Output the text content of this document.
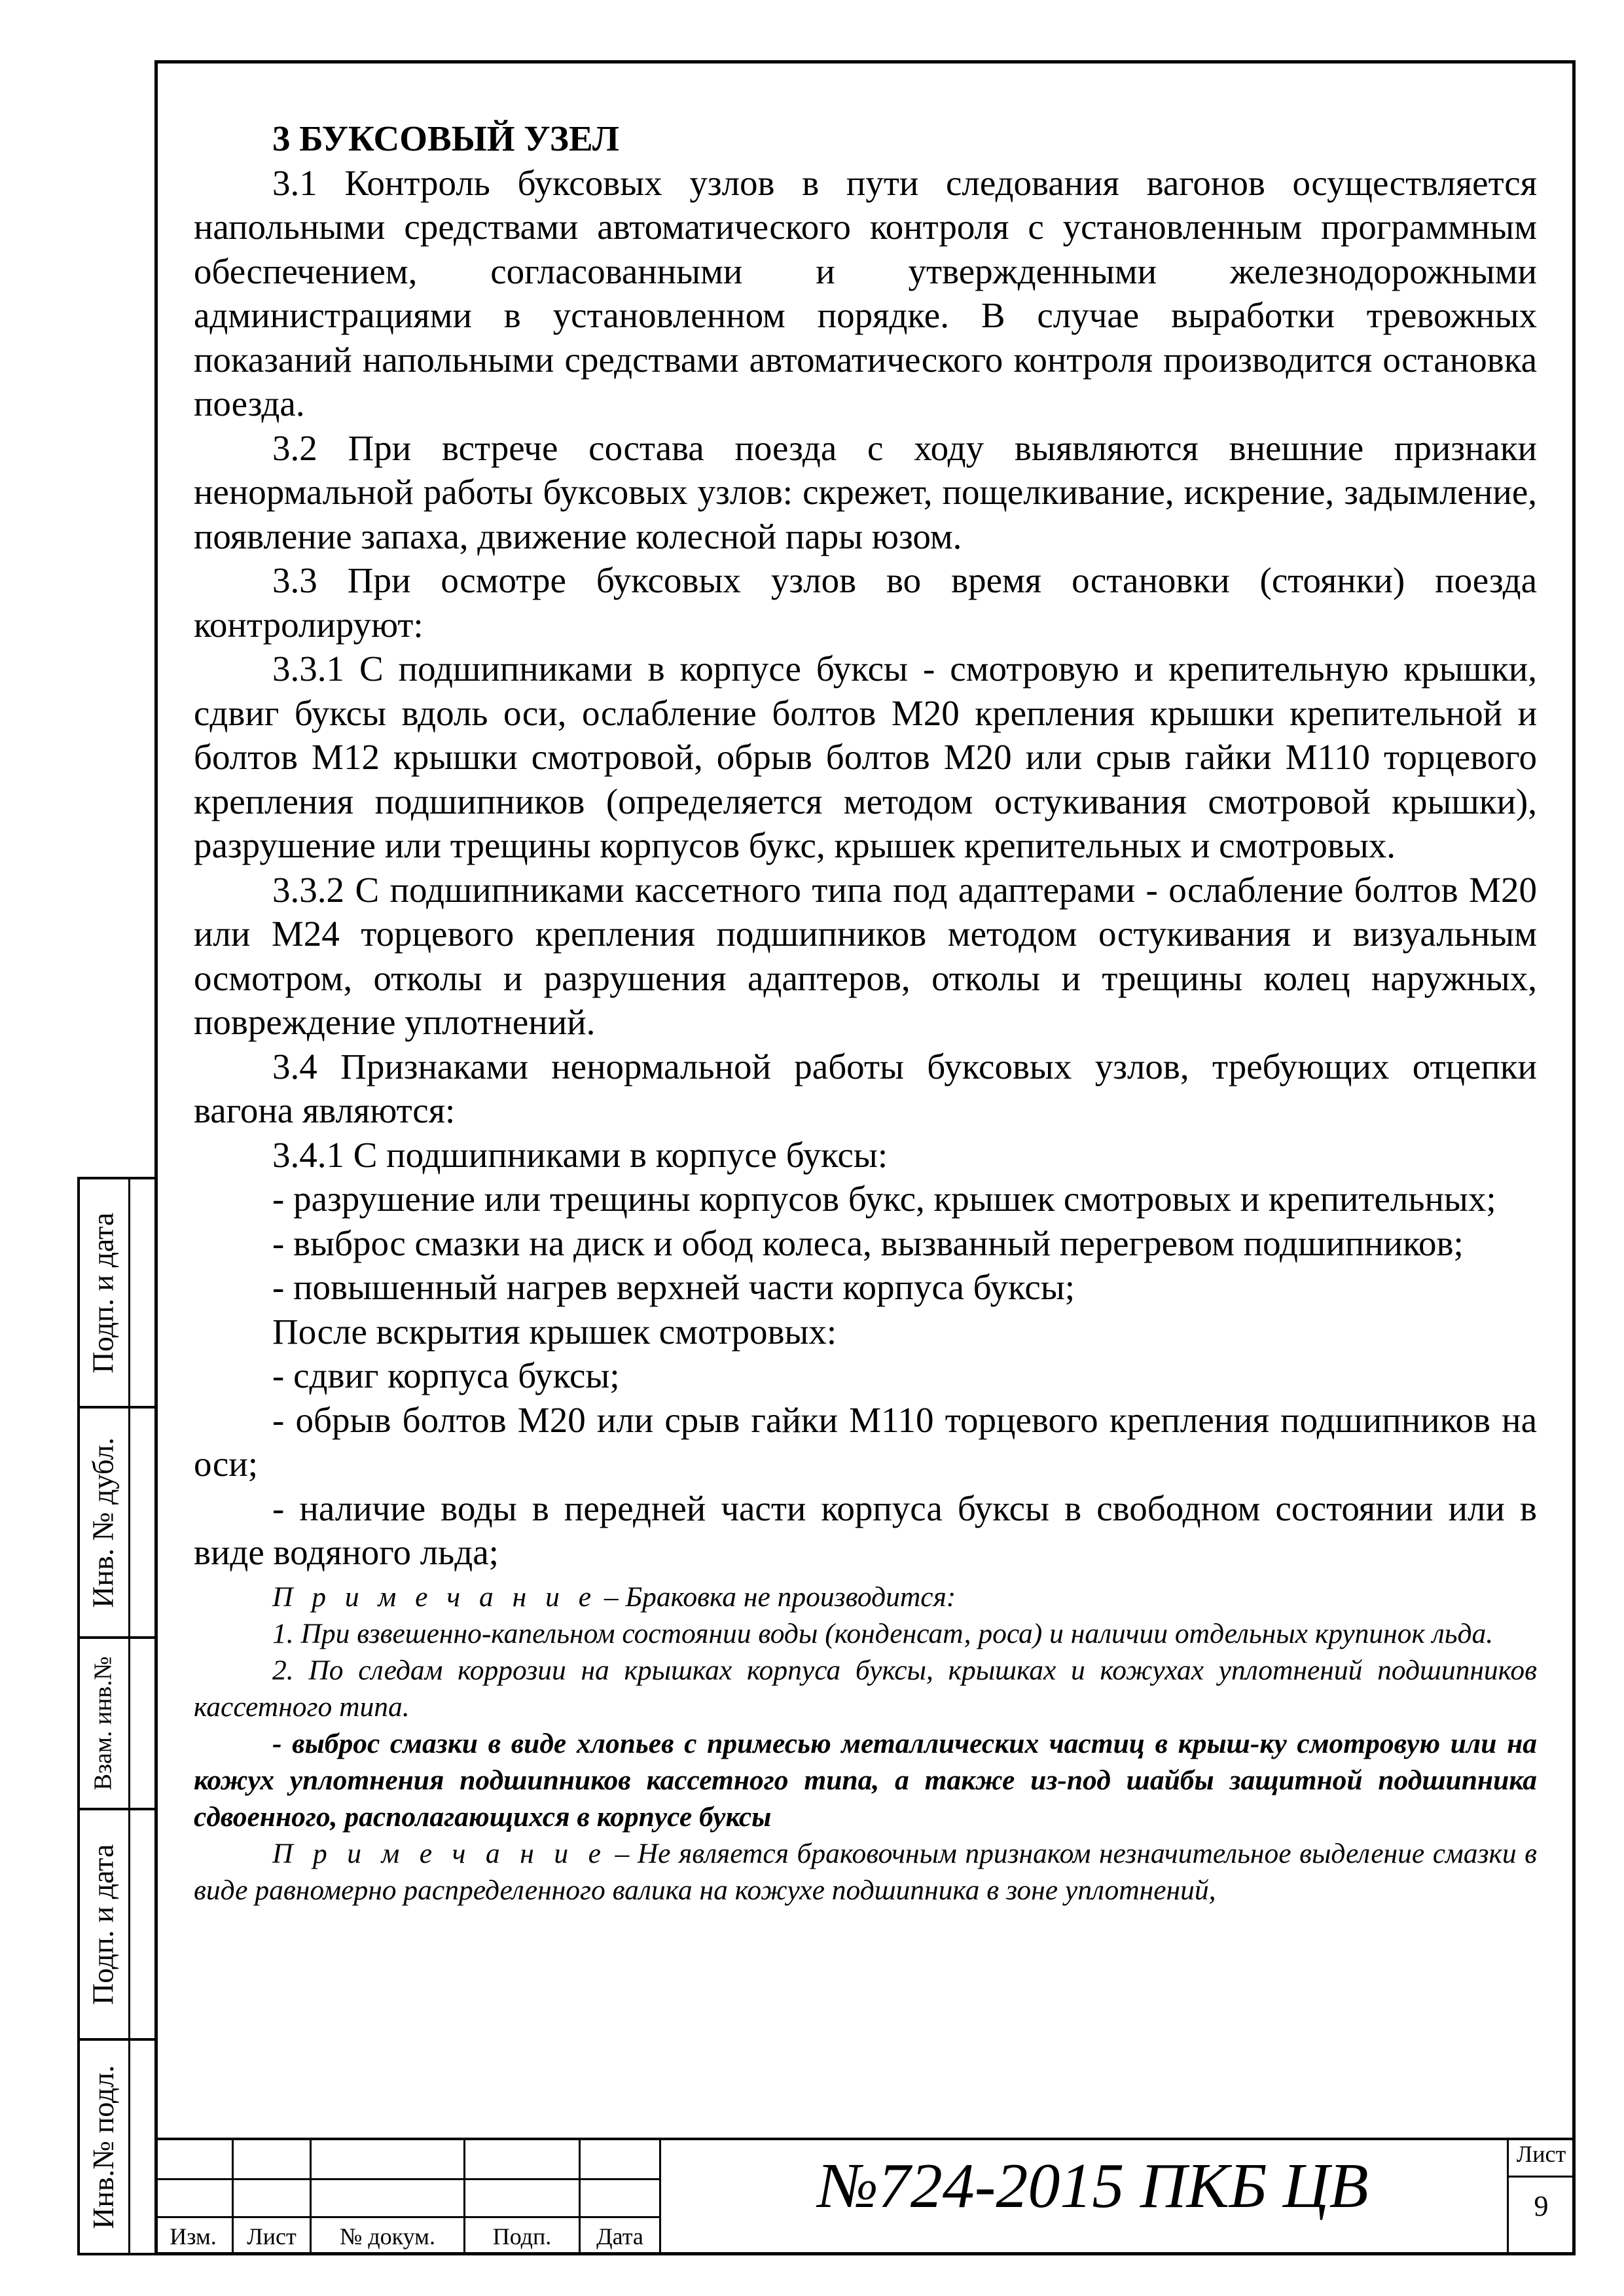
Подп. и дата
Инв. № дубл.
Взам. инв.№
Подп. и дата
Инв.№ подл.

3 БУКСОВЫЙ УЗЕЛ

3.1 Контроль буксовых узлов в пути следования вагонов осуществляется напольными средствами автоматического контроля с установленным программным обеспечением, согласованными и утвержденными железнодорожными администрациями в установленном порядке. В случае выработки тревожных показаний напольными средствами автоматического контроля производится остановка поезда.

3.2 При встрече состава поезда с ходу выявляются внешние признаки ненормальной работы буксовых узлов: скрежет, пощелкивание, искрение, задымление, появление запаха, движение колесной пары юзом.

3.3 При осмотре буксовых узлов во время остановки (стоянки) поезда контролируют:

3.3.1 С подшипниками в корпусе буксы - смотровую и крепительную крышки, сдвиг буксы вдоль оси, ослабление болтов М20 крепления крышки крепительной и болтов М12 крышки смотровой, обрыв болтов М20 или срыв гайки М110 торцевого крепления подшипников (определяется методом остукивания смотровой крышки), разрушение или трещины корпусов букс, крышек крепительных и смотровых.

3.3.2 С подшипниками кассетного типа под адаптерами - ослабление болтов М20 или М24 торцевого крепления подшипников методом остукивания и визуальным осмотром, отколы и разрушения адаптеров, отколы и трещины колец наружных, повреждение уплотнений.

3.4 Признаками ненормальной работы буксовых узлов, требующих отцепки вагона являются:

3.4.1 С подшипниками в корпусе буксы:

- разрушение или трещины корпусов букс, крышек смотровых и крепительных;

- выброс смазки на диск и обод колеса, вызванный перегревом подшипников;

- повышенный нагрев верхней части корпуса буксы;

После вскрытия крышек смотровых:

- сдвиг корпуса буксы;

- обрыв болтов М20 или срыв гайки М110 торцевого крепления подшипников на оси;

- наличие воды в передней части корпуса буксы в свободном состоянии или в виде водяного льда;

П р и м е ч а н и е – Браковка не производится:

1. При взвешенно-капельном состоянии воды (конденсат, роса) и наличии отдельных крупинок льда.

2. По следам коррозии на крышках корпуса буксы, крышках и кожухах уплотнений подшипников кассетного типа.

- выброс смазки в виде хлопьев с примесью металлических частиц в крыш-ку смотровую или на кожух уплотнения подшипников кассетного типа, а также из-под шайбы защитной подшипника сдвоенного, располагающихся в корпусе буксы

П р и м е ч а н и е – Не является браковочным признаком незначительное выделение смазки в виде равномерно распределенного валика на кожухе подшипника в зоне уплотнений,

Изм.	Лист	№ докум.	Подп.	Дата
№724-2015 ПКБ ЦВ	Лист
9
